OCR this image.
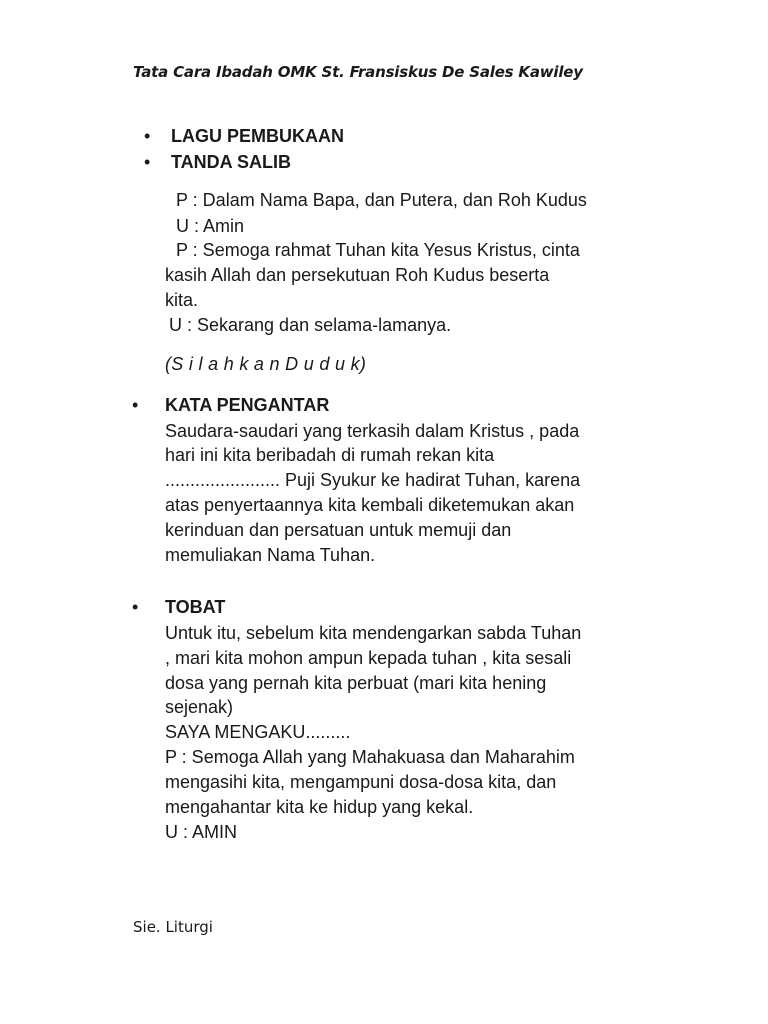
Tata Cara Ibadah OMK St. Fransiskus De Sales Kawiley
• LAGU PEMBUKAAN
• TANDA SALIB
P : Dalam Nama Bapa, dan Putera, dan Roh Kudus
U : Amin
P : Semoga rahmat Tuhan kita Yesus Kristus, cinta
kasih Allah dan persekutuan Roh Kudus beserta
kita.
U : Sekarang dan selama-lamanya.
(S i l a h k a n D u d u k)
• KATA PENGANTAR
Saudara-saudari yang terkasih dalam Kristus , pada
hari ini kita beribadah di rumah rekan kita
....................... Puji Syukur ke hadirat Tuhan, karena
atas penyertaannya kita kembali diketemukan akan
kerinduan dan persatuan untuk memuji dan
memuliakan Nama Tuhan.
• TOBAT
Untuk itu, sebelum kita mendengarkan sabda Tuhan
, mari kita mohon ampun kepada tuhan , kita sesali
dosa yang pernah kita perbuat (mari kita hening
sejenak)
SAYA MENGAKU.........
P : Semoga Allah yang Mahakuasa dan Maharahim
mengasihi kita, mengampuni dosa-dosa kita, dan
mengahantar kita ke hidup yang kekal.
U : AMIN
Sie. Liturgi
